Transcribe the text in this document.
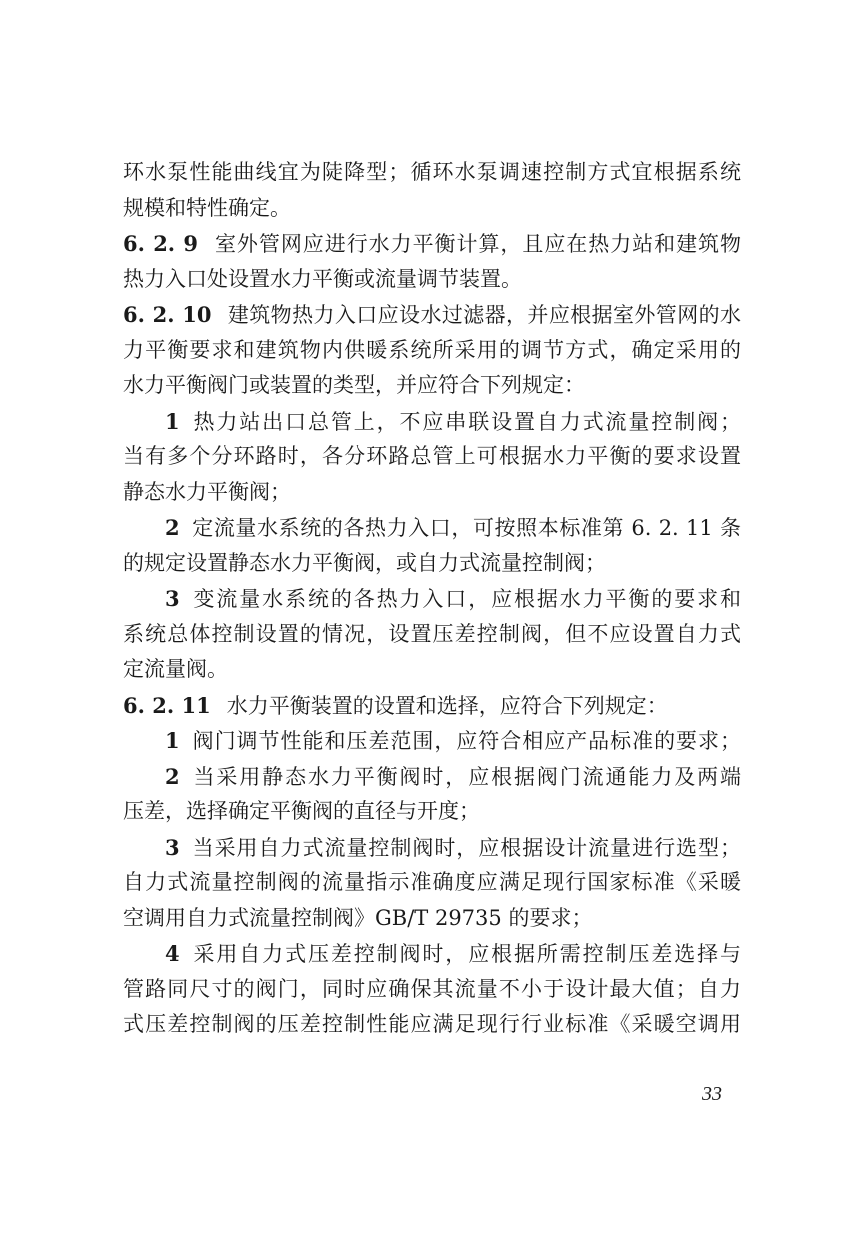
环水泵性能曲线宜为陡降型；循环水泵调速控制方式宜根据系统
规模和特性确定。
6. 2. 9 室外管网应进行水力平衡计算，且应在热力站和建筑物
热力入口处设置水力平衡或流量调节装置。
6. 2. 10 建筑物热力入口应设水过滤器，并应根据室外管网的水
力平衡要求和建筑物内供暖系统所采用的调节方式，确定采用的
水力平衡阀门或装置的类型，并应符合下列规定：
1 热力站出口总管上，不应串联设置自力式流量控制阀；
当有多个分环路时，各分环路总管上可根据水力平衡的要求设置
静态水力平衡阀；
2 定流量水系统的各热力入口，可按照本标准第 6. 2. 11 条
的规定设置静态水力平衡阀，或自力式流量控制阀；
3 变流量水系统的各热力入口，应根据水力平衡的要求和
系统总体控制设置的情况，设置压差控制阀，但不应设置自力式
定流量阀。
6. 2. 11 水力平衡装置的设置和选择，应符合下列规定：
1 阀门调节性能和压差范围，应符合相应产品标准的要求；
2 当采用静态水力平衡阀时，应根据阀门流通能力及两端
压差，选择确定平衡阀的直径与开度；
3 当采用自力式流量控制阀时，应根据设计流量进行选型；
自力式流量控制阀的流量指示准确度应满足现行国家标准《采暖
空调用自力式流量控制阀》GB/T 29735 的要求；
4 采用自力式压差控制阀时，应根据所需控制压差选择与
管路同尺寸的阀门，同时应确保其流量不小于设计最大值；自力
式压差控制阀的压差控制性能应满足现行行业标准《采暖空调用
33
